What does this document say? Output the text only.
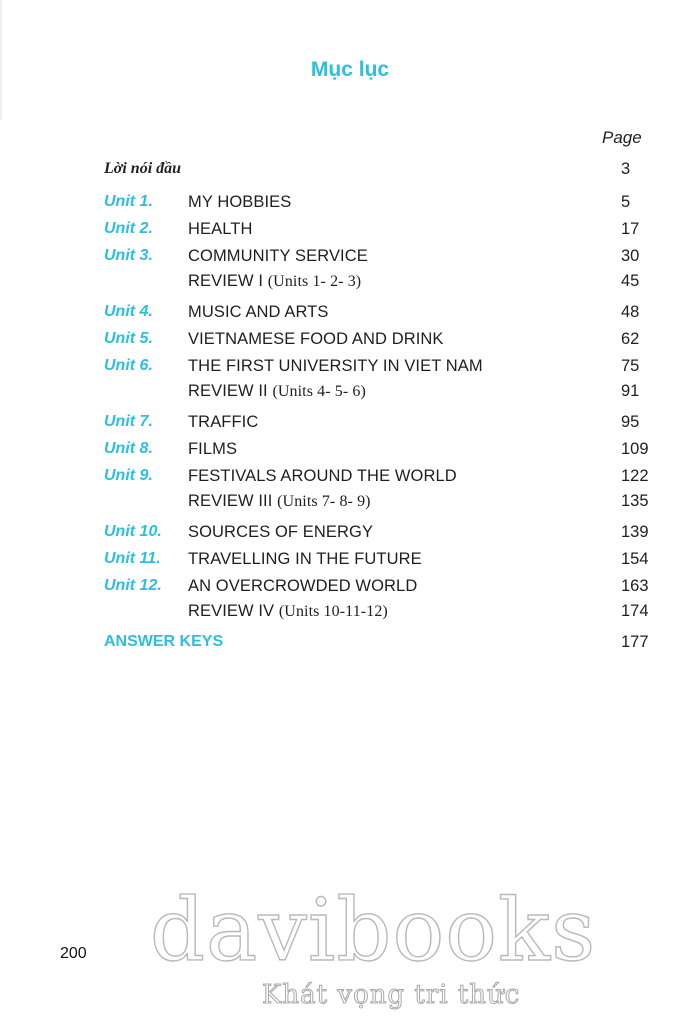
Mục lục
Page
Lời nói đầu	3
Unit 1. MY HOBBIES	5
Unit 2. HEALTH	17
Unit 3. COMMUNITY SERVICE	30
REVIEW I (Units 1- 2- 3)	45
Unit 4. MUSIC AND ARTS	48
Unit 5. VIETNAMESE FOOD AND DRINK	62
Unit 6. THE FIRST UNIVERSITY IN VIET NAM	75
REVIEW II (Units 4- 5- 6)	91
Unit 7. TRAFFIC	95
Unit 8. FILMS	109
Unit 9. FESTIVALS AROUND THE WORLD	122
REVIEW III (Units 7- 8- 9)	135
Unit 10. SOURCES OF ENERGY	139
Unit 11. TRAVELLING IN THE FUTURE	154
Unit 12. AN OVERCROWDED WORLD	163
REVIEW IV (Units 10-11-12)	174
ANSWER KEYS	177
200 davibooks
Khát vọng tri thức
